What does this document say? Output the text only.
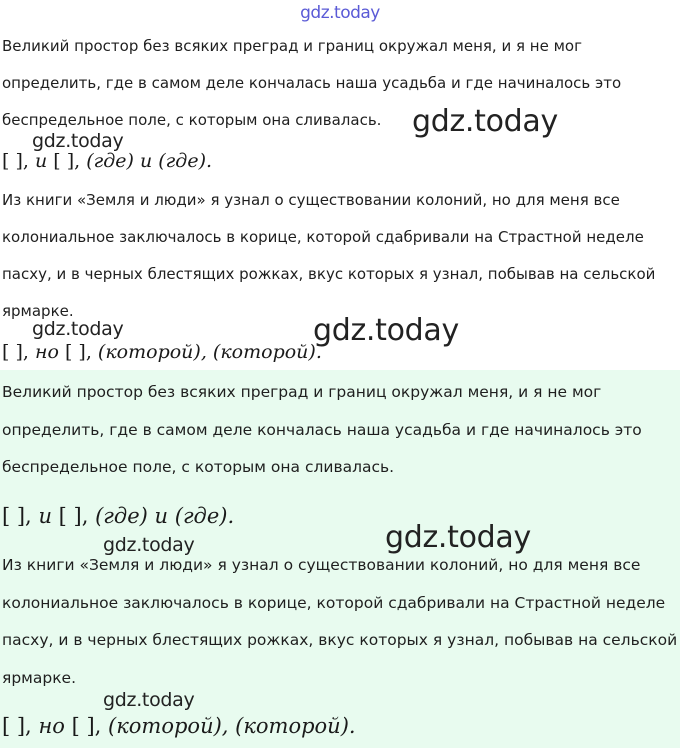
gdz.today

Великий простор без всяких преград и границ окружал меня, и я не мог определить, где в самом деле кончалась наша усадьба и где начиналось это беспредельное поле, с которым она сливалась.

[ ], и [ ], (где) и (где).

Из книги «Земля и люди» я узнал о существовании колоний, но для меня все колониальное заключалось в корице, которой сдабривали на Страстной неделе пасху, и в черных блестящих рожках, вкус которых я узнал, побывав на сельской ярмарке.

[ ], но [ ], (которой), (которой).

Великий простор без всяких преград и границ окружал меня, и я не мог определить, где в самом деле кончалась наша усадьба и где начиналось это беспредельное поле, с которым она сливалась.

[ ], и [ ], (где) и (где).

Из книги «Земля и люди» я узнал о существовании колоний, но для меня все колониальное заключалось в корице, которой сдабривали на Страстной неделе пасху, и в черных блестящих рожках, вкус которых я узнал, побывав на сельской ярмарке.

[ ], но [ ], (которой), (которой).
gdz.today
gdz.today
gdz.today
gdz.today
gdz.today
gdz.today
gdz.today
